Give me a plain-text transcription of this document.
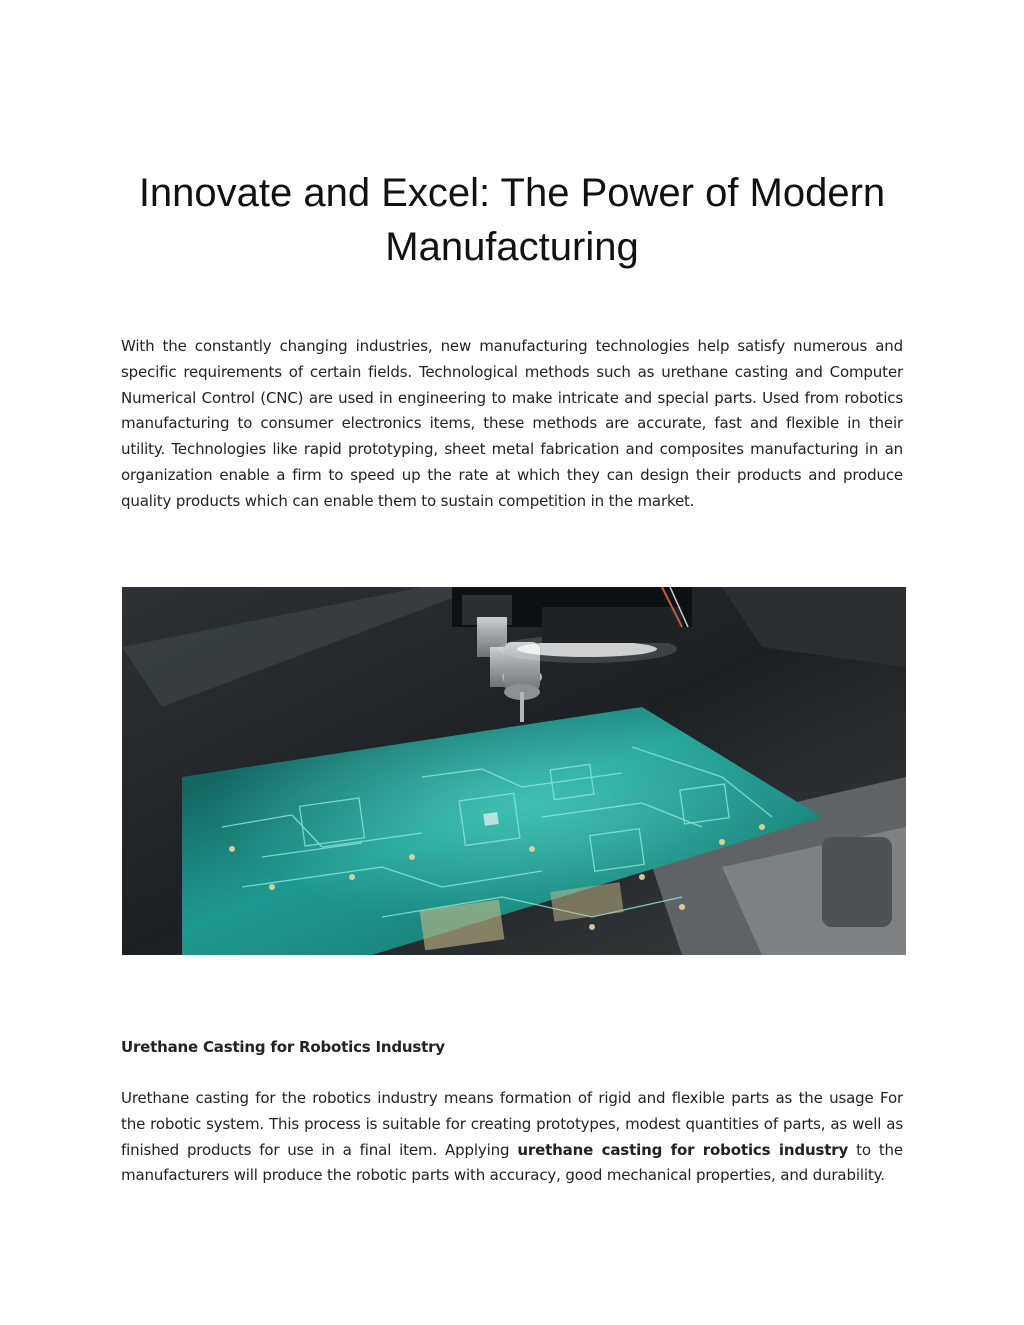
Innovate and Excel: The Power of Modern Manufacturing

With the constantly changing industries, new manufacturing technologies help satisfy numerous and specific requirements of certain fields. Technological methods such as urethane casting and Computer Numerical Control (CNC) are used in engineering to make intricate and special parts. Used from robotics manufacturing to consumer electronics items, these methods are accurate, fast and flexible in their utility. Technologies like rapid prototyping, sheet metal fabrication and composites manufacturing in an organization enable a firm to speed up the rate at which they can design their products and produce quality products which can enable them to sustain competition in the market.

Urethane Casting for Robotics Industry

Urethane casting for the robotics industry means formation of rigid and flexible parts as the usage For the robotic system. This process is suitable for creating prototypes, modest quantities of parts, as well as finished products for use in a final item. Applying urethane casting for robotics industry to the manufacturers will produce the robotic parts with accuracy, good mechanical properties, and durability.
